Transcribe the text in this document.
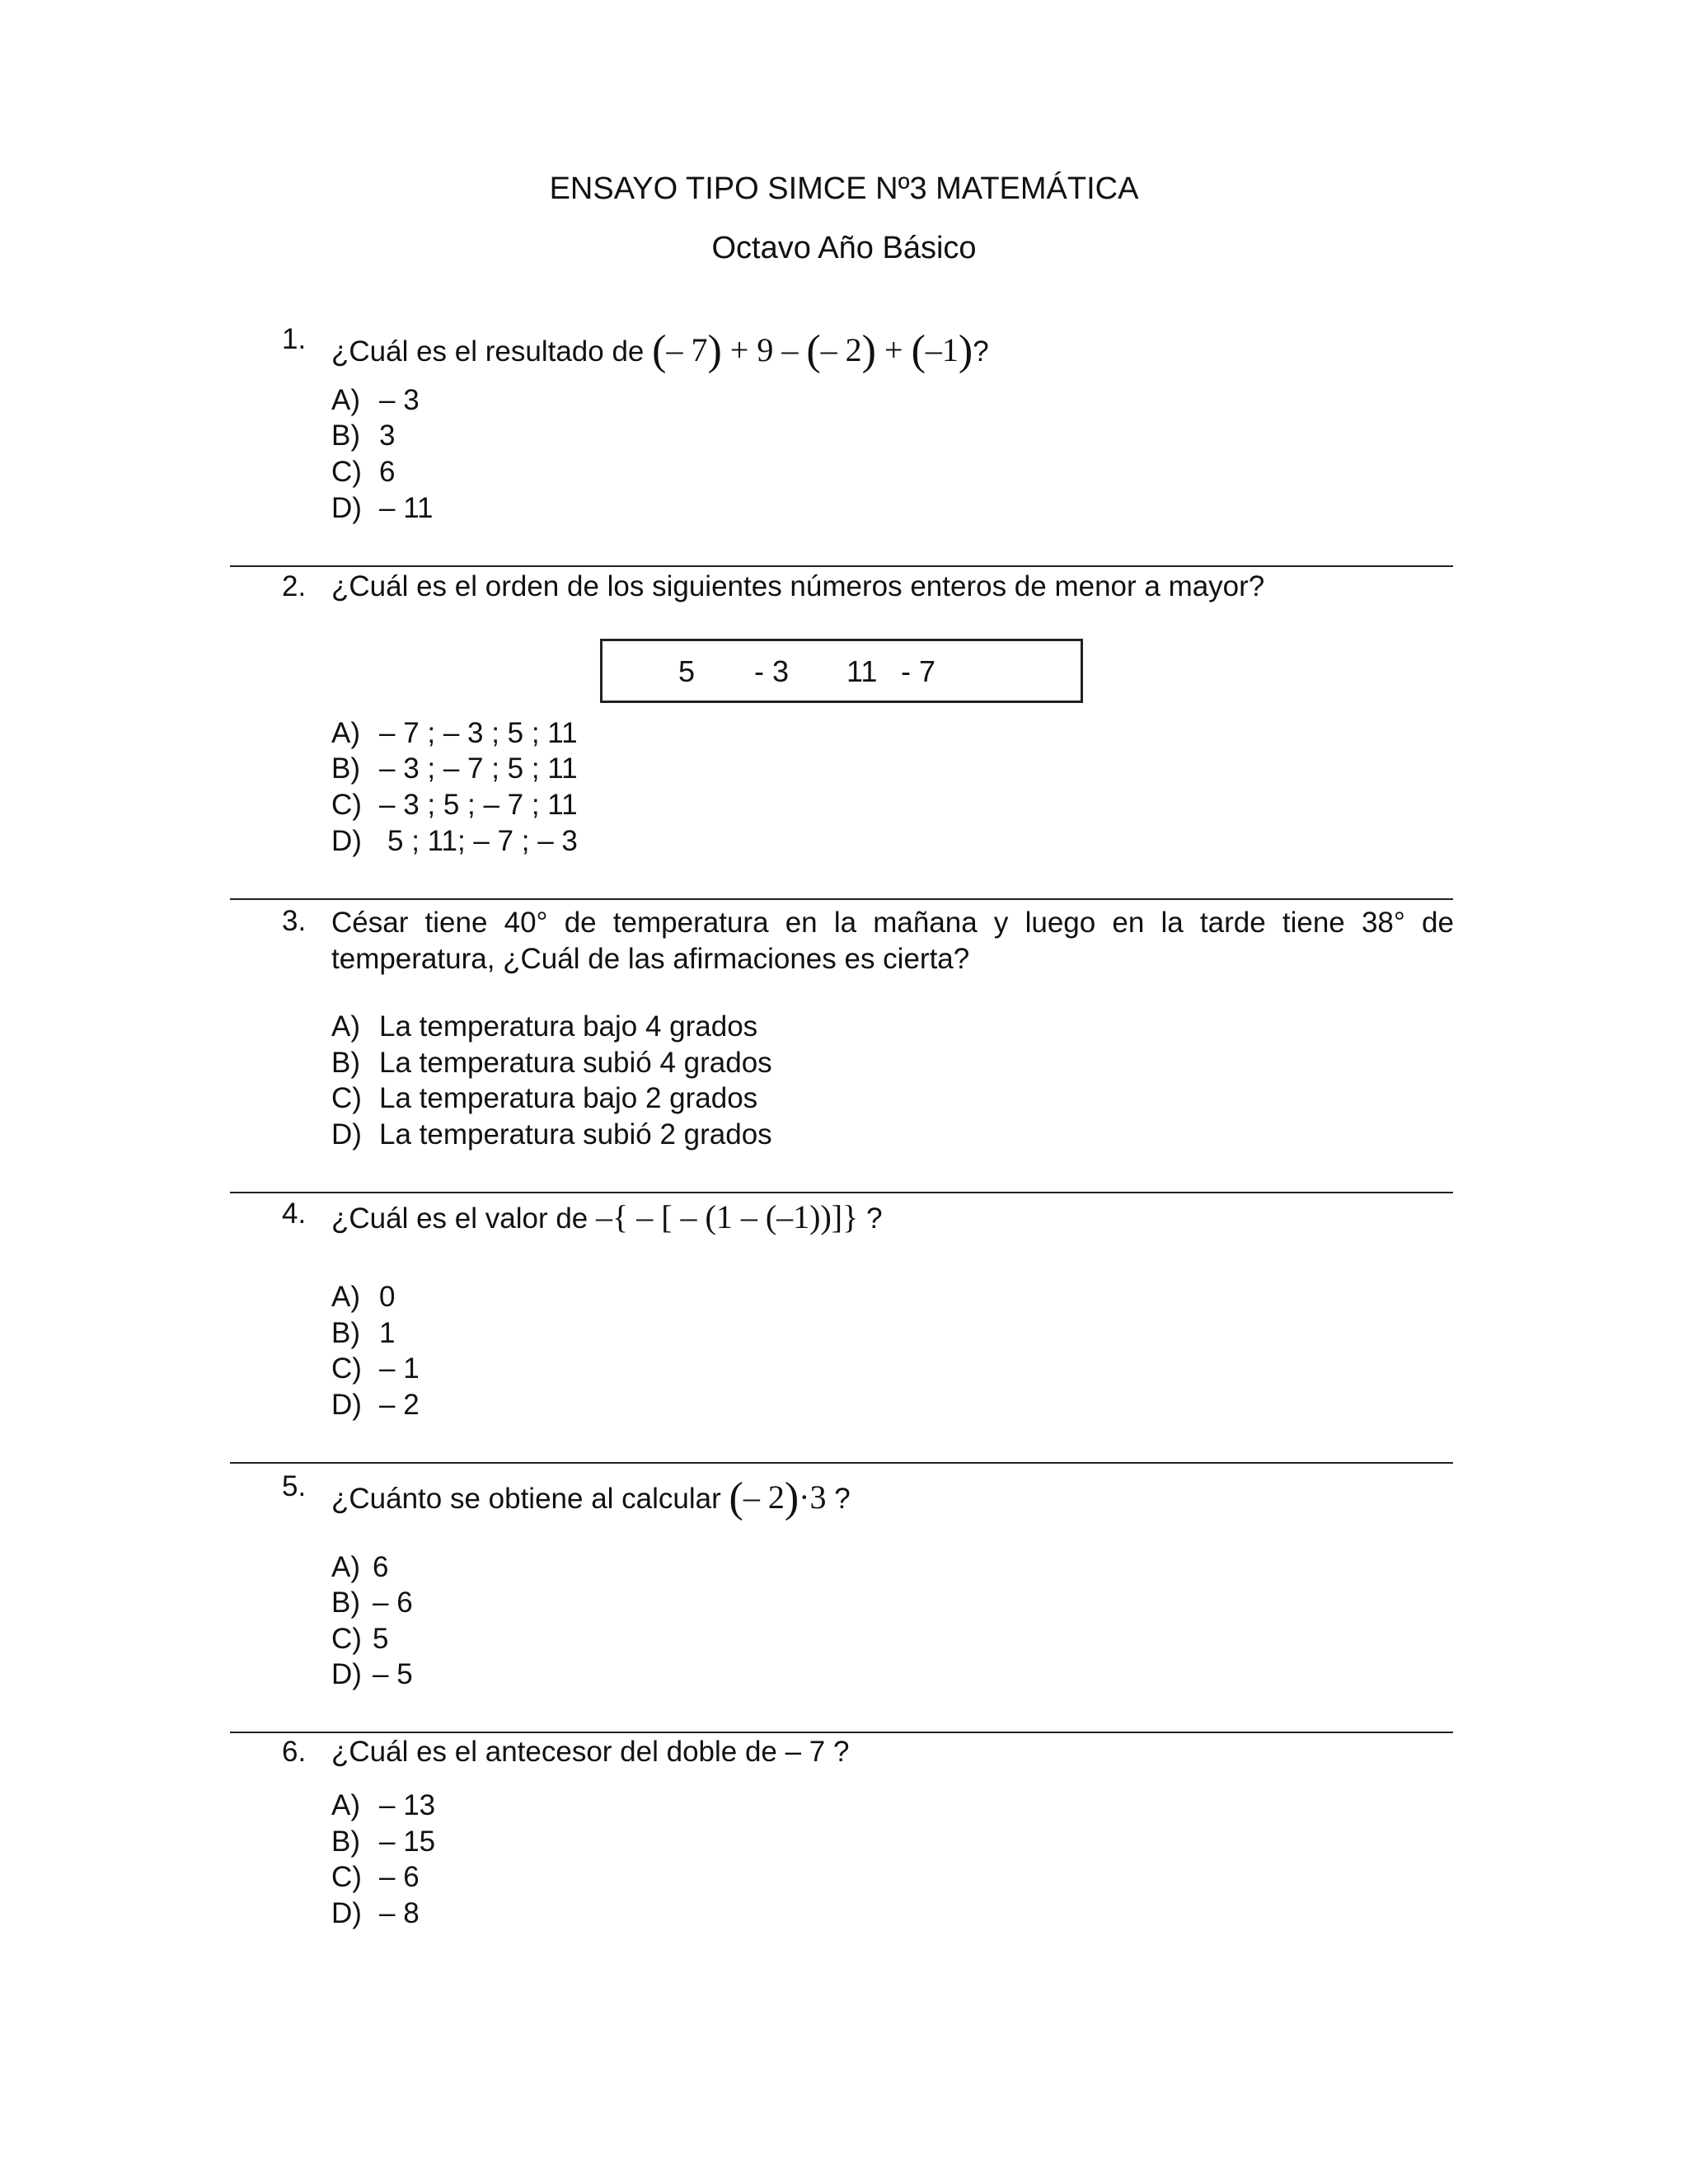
ENSAYO TIPO SIMCE Nº3 MATEMÁTICA
Octavo Año Básico
1. ¿Cuál es el resultado de (– 7) + 9 – (– 2) + (–1)?
A) – 3
B) 3
C) 6
D) – 11
2. ¿Cuál es el orden de los siguientes números enteros de menor a mayor?
5 - 3 11 - 7
A) – 7 ; – 3 ; 5 ; 11
B) – 3 ; – 7 ; 5 ; 11
C) – 3 ; 5 ; – 7 ; 11
D) 5 ; 11; – 7 ; – 3
3. César tiene 40° de temperatura en la mañana y luego en la tarde tiene 38° de temperatura, ¿Cuál de las afirmaciones es cierta?
A) La temperatura bajo 4 grados
B) La temperatura subió 4 grados
C) La temperatura bajo 2 grados
D) La temperatura subió 2 grados
4. ¿Cuál es el valor de –{ – [ – (1 – (–1))]} ?
A) 0
B) 1
C) – 1
D) – 2
5. ¿Cuánto se obtiene al calcular (– 2)·3 ?
A) 6
B) – 6
C) 5
D) – 5
6. ¿Cuál es el antecesor del doble de – 7 ?
A) – 13
B) – 15
C) – 6
D) – 8
